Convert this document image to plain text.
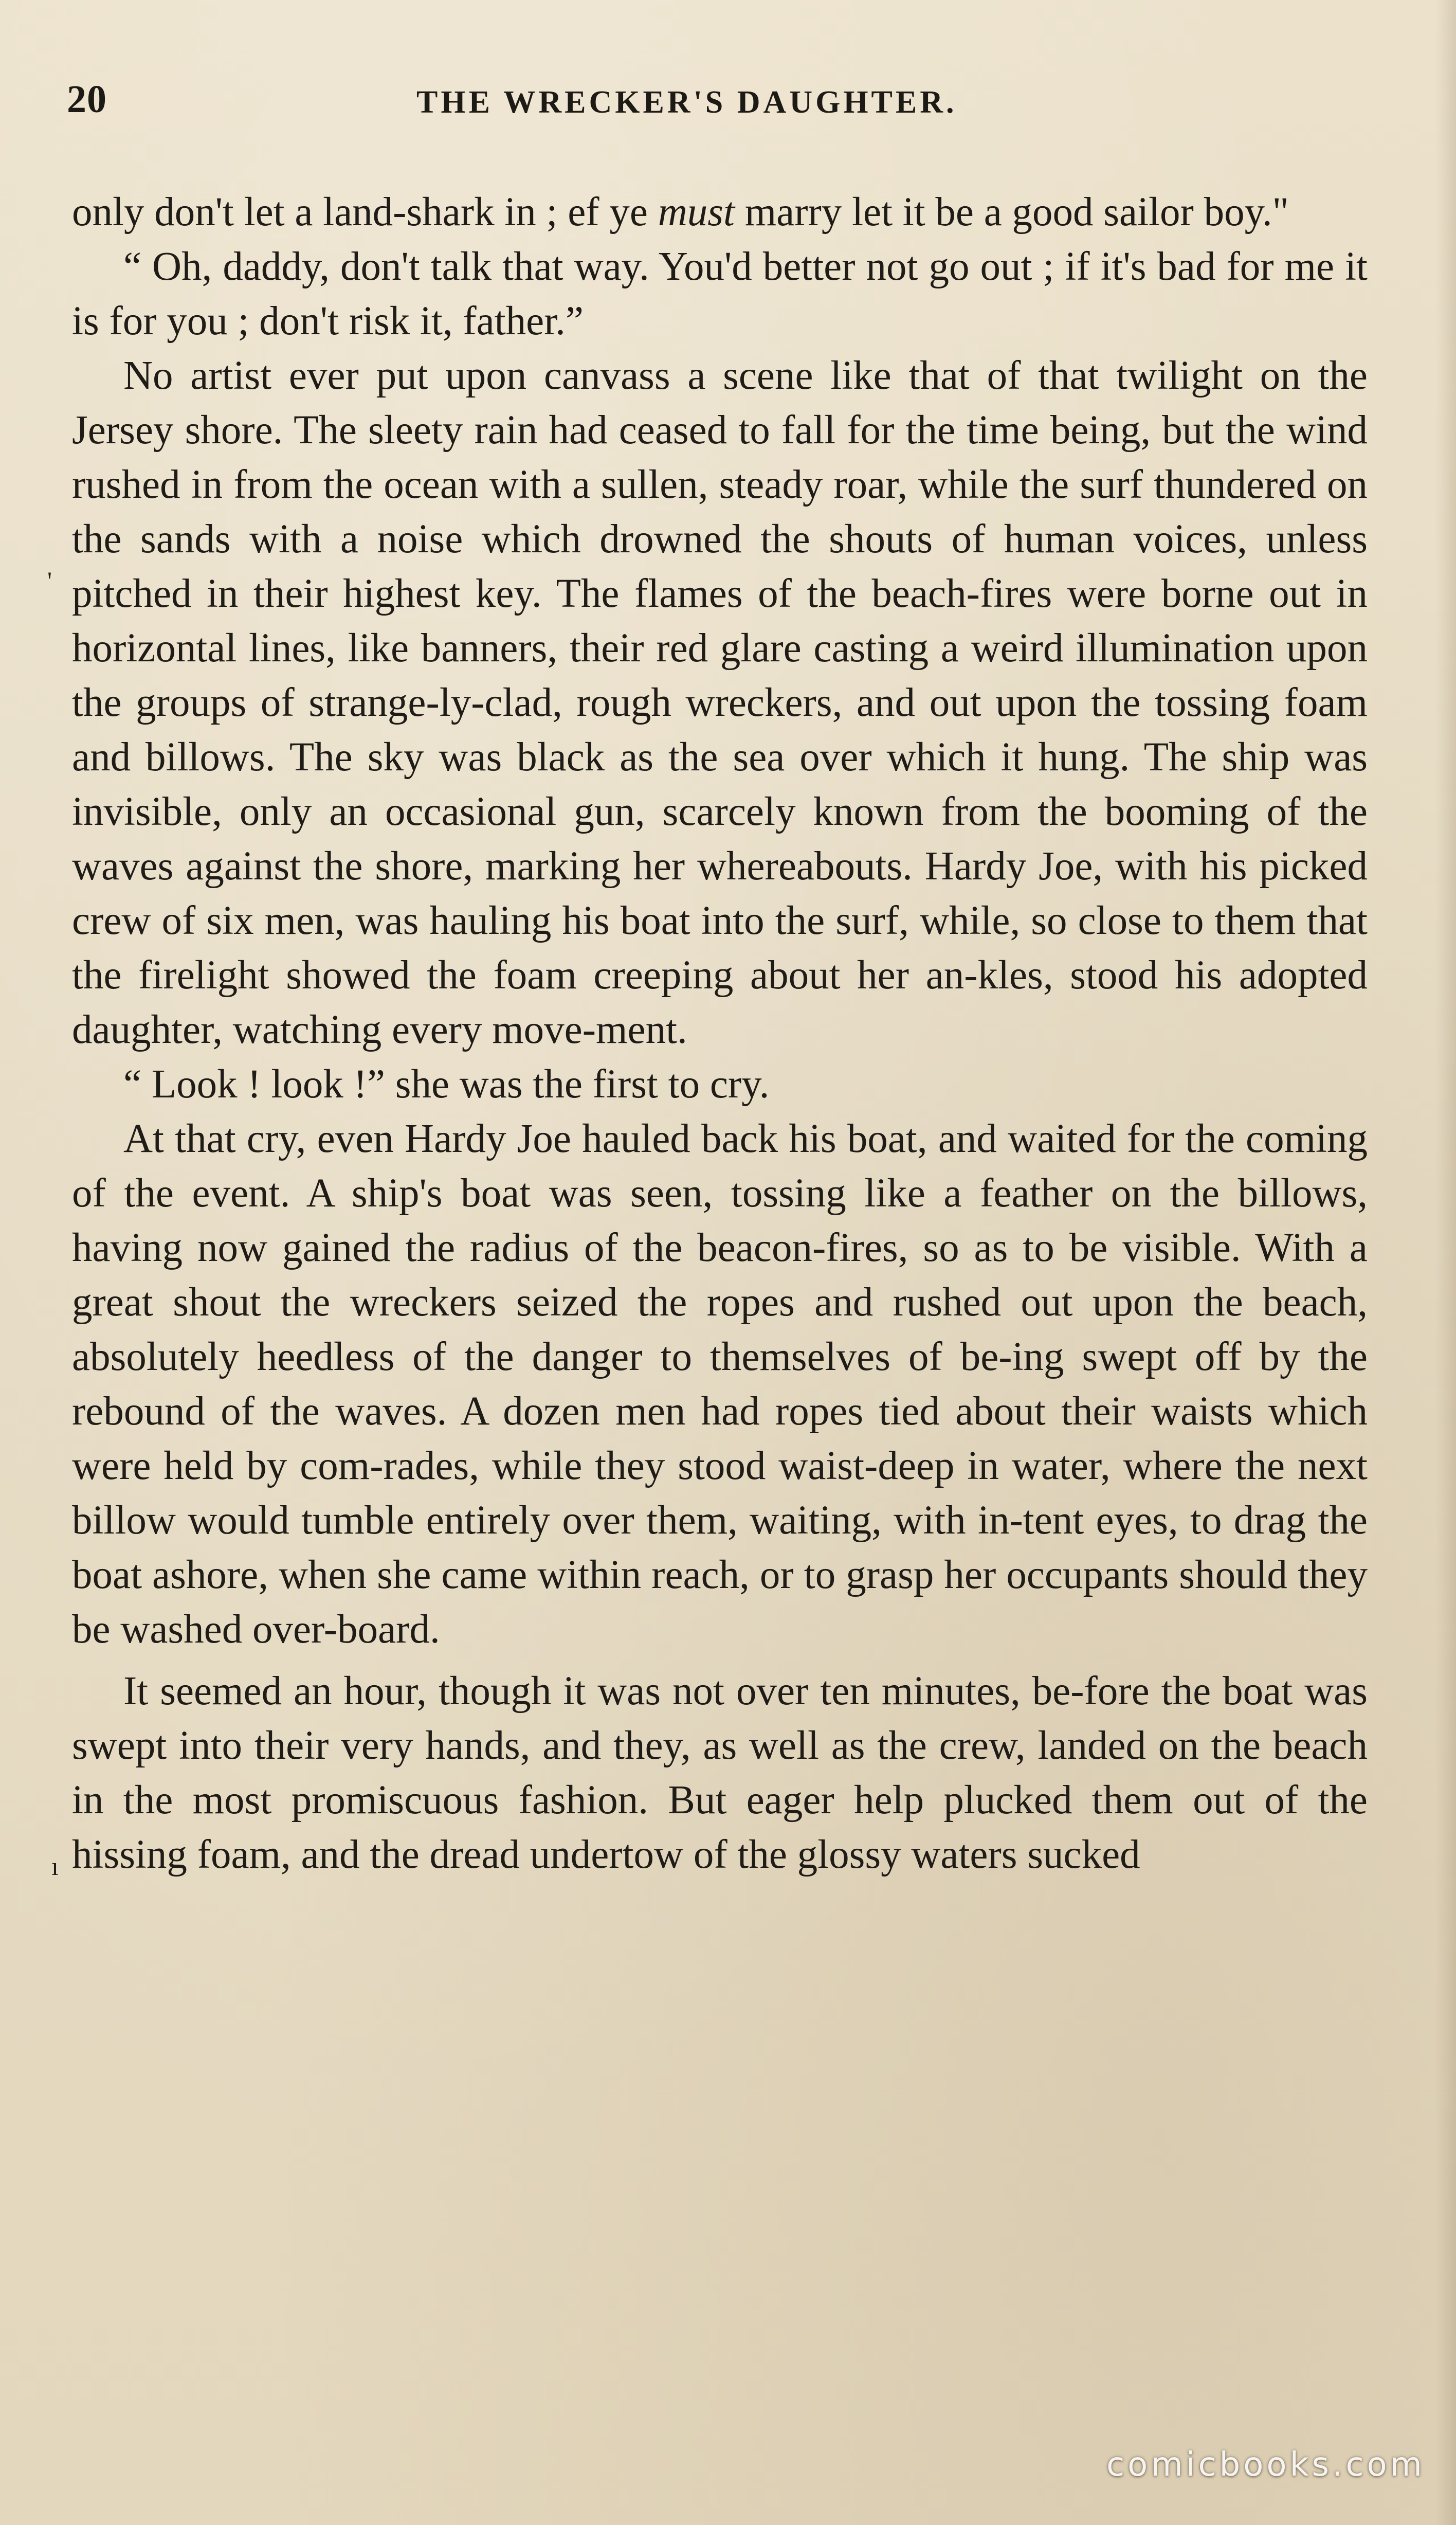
20	THE WRECKER'S DAUGHTER.

only don't let a land-shark in ; ef ye must marry let it be a good sailor boy."

“ Oh, daddy, don't talk that way. You'd better not go out ; if it's bad for me it is for you ; don't risk it, father.”

No artist ever put upon canvass a scene like that of that twilight on the Jersey shore. The sleety rain had ceased to fall for the time being, but the wind rushed in from the ocean with a sullen, steady roar, while the surf thundered on the sands with a noise which drowned the shouts of human voices, unless pitched in their highest key. The flames of the beach-fires were borne out in horizontal lines, like banners, their red glare casting a weird illumination upon the groups of strange-ly-clad, rough wreckers, and out upon the tossing foam and billows. The sky was black as the sea over which it hung. The ship was invisible, only an occasional gun, scarcely known from the booming of the waves against the shore, marking her whereabouts. Hardy Joe, with his picked crew of six men, was hauling his boat into the surf, while, so close to them that the firelight showed the foam creeping about her an-kles, stood his adopted daughter, watching every move-ment.

“ Look ! look !” she was the first to cry.

At that cry, even Hardy Joe hauled back his boat, and waited for the coming of the event. A ship's boat was seen, tossing like a feather on the billows, having now gained the radius of the beacon-fires, so as to be visible. With a great shout the wreckers seized the ropes and rushed out upon the beach, absolutely heedless of the danger to themselves of be-ing swept off by the rebound of the waves. A dozen men had ropes tied about their waists which were held by com-rades, while they stood waist-deep in water, where the next billow would tumble entirely over them, waiting, with in-tent eyes, to drag the boat ashore, when she came within reach, or to grasp her occupants should they be washed over-board.

It seemed an hour, though it was not over ten minutes, be-fore the boat was swept into their very hands, and they, as well as the crew, landed on the beach in the most promiscuous fashion. But eager help plucked them out of the hissing foam, and the dread undertow of the glossy waters sucked

'
ı
comicbooks.com
